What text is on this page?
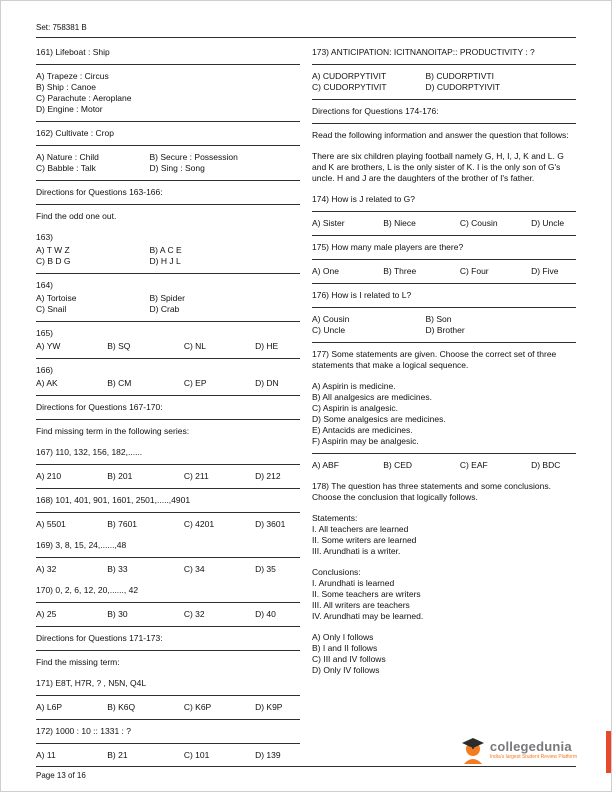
Set: 758381 B
161) Lifeboat : Ship
A) Trapeze : Circus
B) Ship : Canoe
C) Parachute : Aeroplane
D) Engine : Motor
162) Cultivate : Crop
A) Nature : Child	B) Secure : Possession
C) Babble : Talk	D) Sing : Song
Directions for Questions 163-166:
Find the odd one out.
163)
A) T W Z	B) A C E
C) B D G	D) H J L
164)
A) Tortoise	B) Spider
C) Snail	D) Crab
165)
A) YW	B) SQ	C) NL	D) HE
166)
A) AK	B) CM	C) EP	D) DN
Directions for Questions 167-170:
Find missing term in the following series:
167) 110, 132, 156, 182,......
A) 210	B) 201	C) 211	D) 212
168) 101, 401, 901, 1601, 2501,.....,4901
A) 5501	B) 7601	C) 4201	D) 3601
169) 3, 8, 15, 24,......,48
A) 32	B) 33	C) 34	D) 35
170) 0, 2, 6, 12, 20,......, 42
A) 25	B) 30	C) 32	D) 40
Directions for Questions 171-173:
Find the missing term:
171) E8T, H7R, ? , N5N, Q4L
A) L6P	B) K6Q	C) K6P	D) K9P
172) 1000 : 10 :: 1331 : ?
A) 11	B) 21	C) 101	D) 139
173) ANTICIPATION: ICITNANOITAP:: PRODUCTIVITY : ?
A) CUDORPYTIVIT	B) CUDORPTIVTI
C) CUDORPYTIVIT	D) CUDORPTYIVIT
Directions for Questions 174-176:
Read the following information and answer the question that follows:
There are six children playing football namely G, H, I, J, K and L. G and K are brothers, L is the only sister of K. I is the only son of G's uncle. H and J are the daughters of the brother of I's father.
174) How is J related to G?
A) Sister	B) Niece	C) Cousin	D) Uncle
175) How many male players are there?
A) One	B) Three	C) Four	D) Five
176) How is I related to L?
A) Cousin	B) Son
C) Uncle	D) Brother
177) Some statements are given. Choose the correct set of three statements that make a logical sequence.
A) Aspirin is medicine.
B) All analgesics are medicines.
C) Aspirin is analgesic.
D) Some analgesics are medicines.
E) Antacids are medicines.
F) Aspirin may be analgesic.
A) ABF	B) CED	C) EAF	D) BDC
178) The question has three statements and some conclusions. Choose the conclusion that logically follows.
Statements:
I. All teachers are learned
II. Some writers are learned
III. Arundhati is a writer.
Conclusions:
I. Arundhati is learned
II. Some teachers are writers
III. All writers are teachers
IV. Arundhati may be learned.
A) Only I follows
B) I and II follows
C) III and IV follows
D) Only IV follows
collegedunia
India's largest Student Review Platform
Page 13 of 16
